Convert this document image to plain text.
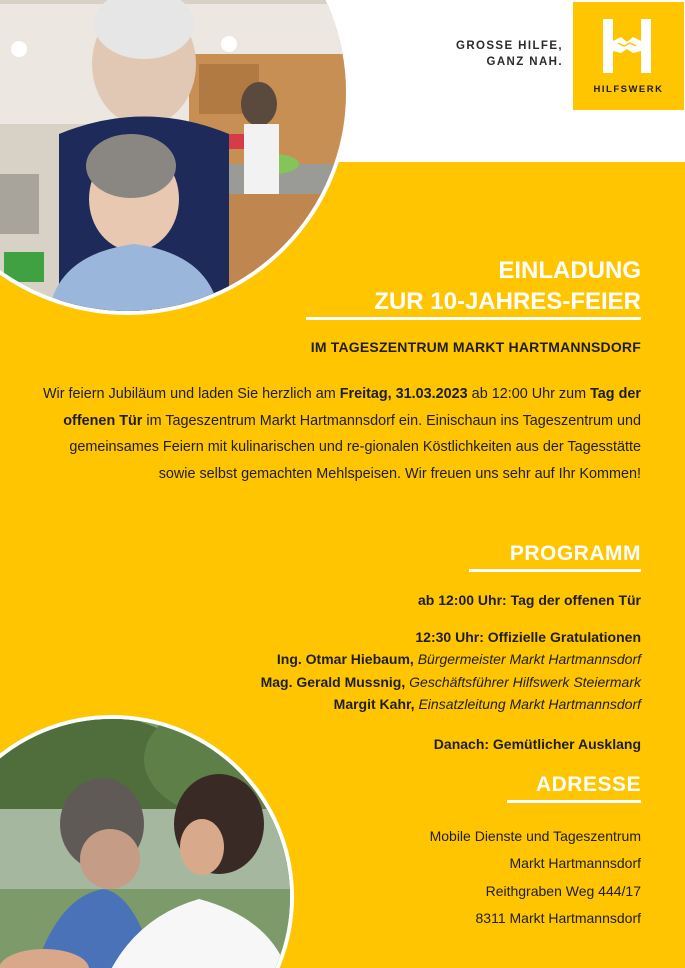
GROSSE HILFE,
GANZ NAH.
HILFSWERK
EINLADUNG
ZUR 10-JAHRES-FEIER
IM TAGESZENTRUM MARKT HARTMANNSDORF
Wir feiern Jubiläum und laden Sie herzlich am Freitag, 31.03.2023 ab 12:00 Uhr zum Tag der offenen Tür im Tageszentrum Markt Hartmannsdorf ein. Einischaun ins Tageszentrum und gemeinsames Feiern mit kulinarischen und re-gionalen Köstlichkeiten aus der Tagesstätte sowie selbst gemachten Mehlspeisen. Wir freuen uns sehr auf Ihr Kommen!
PROGRAMM
ab 12:00 Uhr: Tag der offenen Tür
12:30 Uhr: Offizielle Gratulationen
Ing. Otmar Hiebaum, Bürgermeister Markt Hartmannsdorf
Mag. Gerald Mussnig, Geschäftsführer Hilfswerk Steiermark
Margit Kahr, Einsatzleitung Markt Hartmannsdorf
Danach: Gemütlicher Ausklang
ADRESSE
Mobile Dienste und Tageszentrum
Markt Hartmannsdorf
Reithgraben Weg 444/17
8311 Markt Hartmannsdorf
